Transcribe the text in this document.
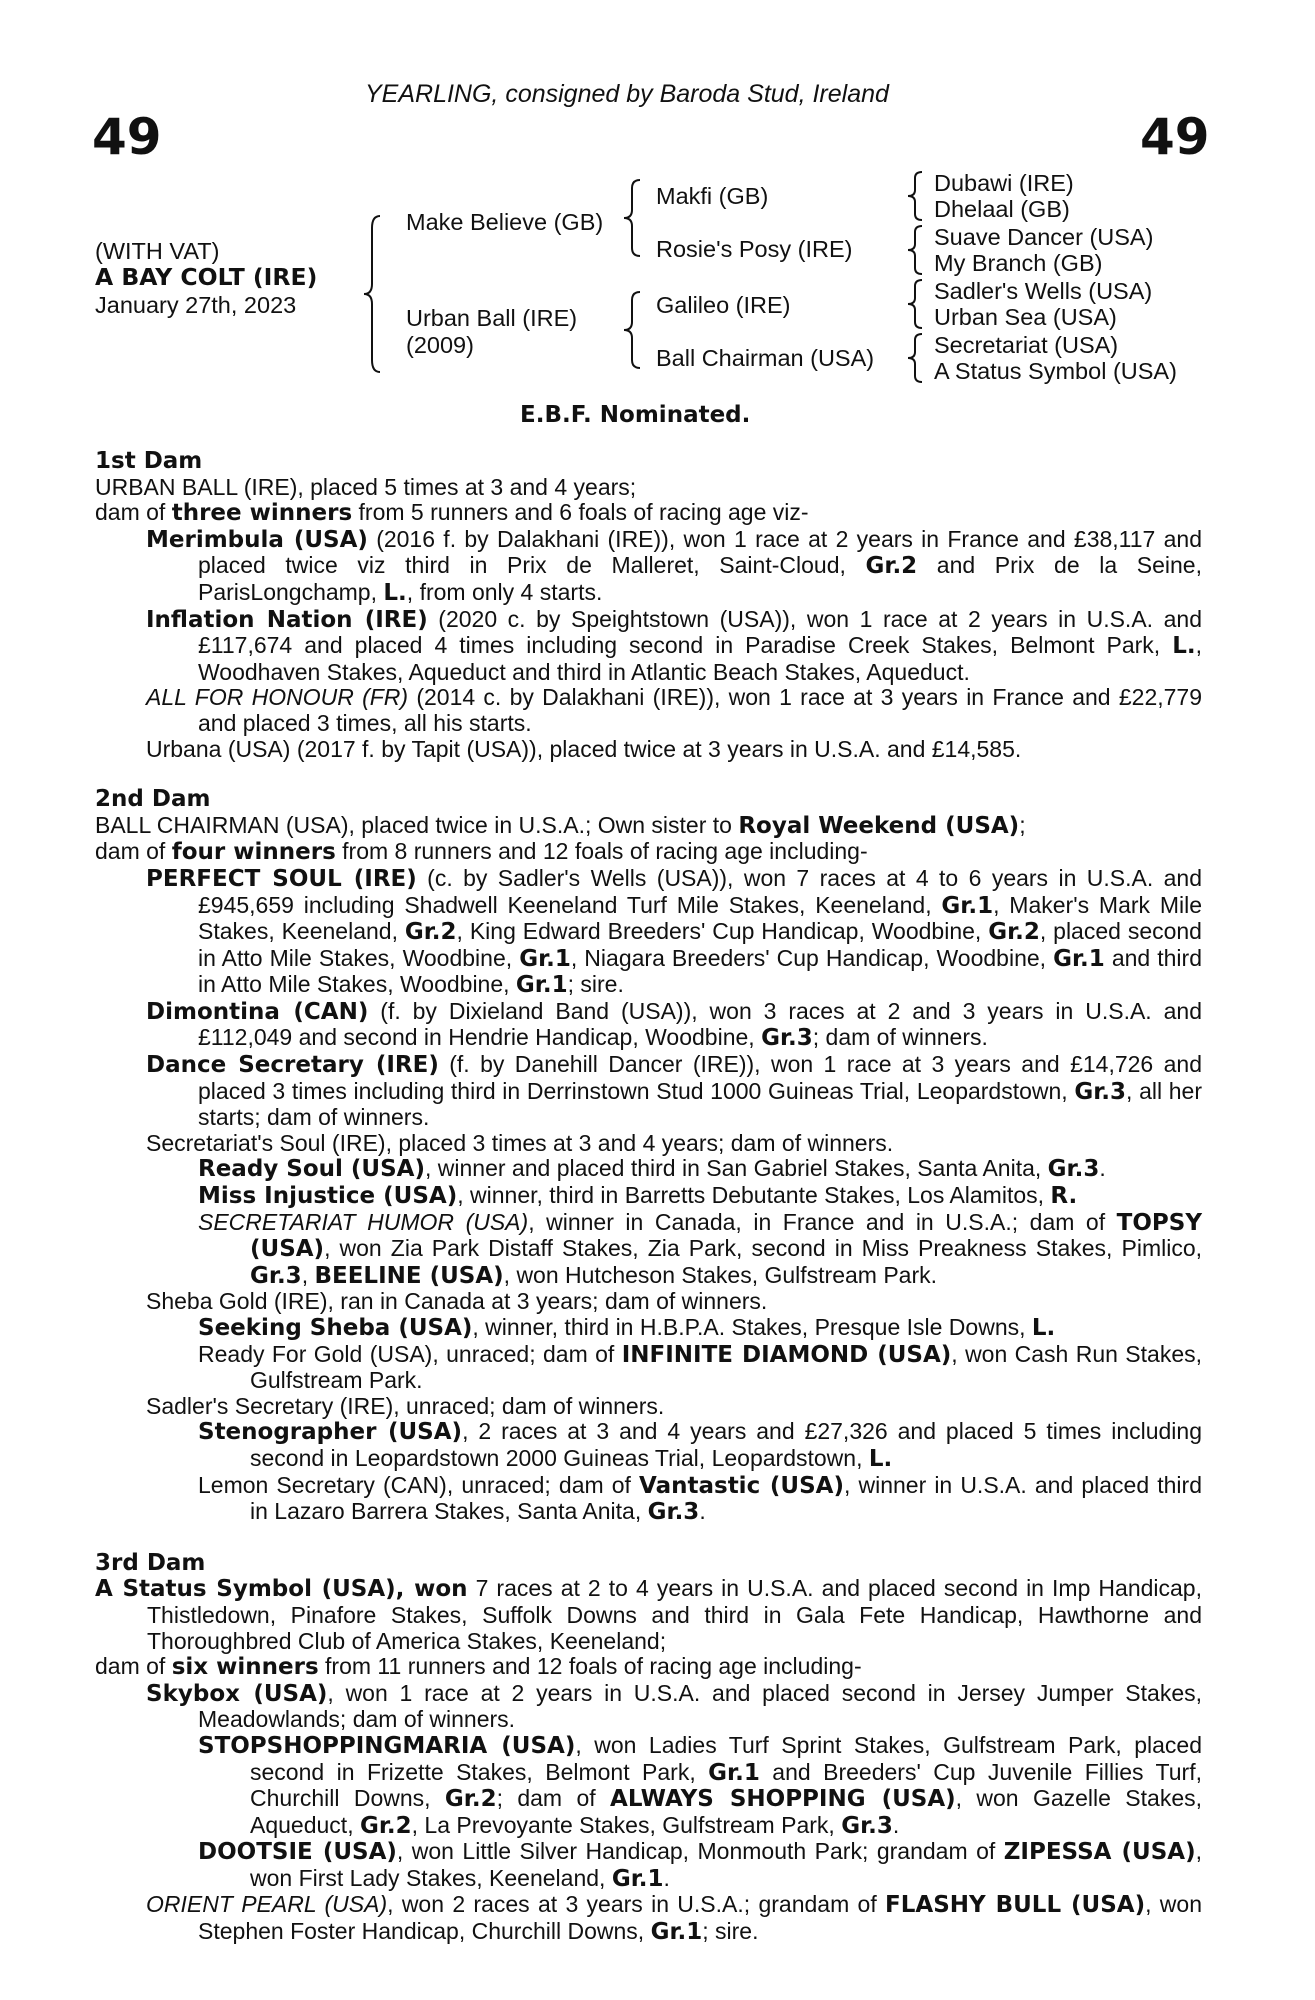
YEARLING, consigned by Baroda Stud, Ireland
49	49
(WITH VAT)
A BAY COLT (IRE)
January 27th, 2023
Make Believe (GB)
Urban Ball (IRE)
(2009)
Makfi (GB)
Rosie's Posy (IRE)
Galileo (IRE)
Ball Chairman (USA)
Dubawi (IRE)
Dhelaal (GB)
Suave Dancer (USA)
My Branch (GB)
Sadler's Wells (USA)
Urban Sea (USA)
Secretariat (USA)
A Status Symbol (USA)
E.B.F. Nominated.

1st Dam

URBAN BALL (IRE), placed 5 times at 3 and 4 years;

dam of three winners from 5 runners and 6 foals of racing age viz-

Merimbula (USA) (2016 f. by Dalakhani (IRE)), won 1 race at 2 years in France and £38,117 and placed twice viz third in Prix de Malleret, Saint-Cloud, Gr.2 and Prix de la Seine, ParisLongchamp, L., from only 4 starts.

Inflation Nation (IRE) (2020 c. by Speightstown (USA)), won 1 race at 2 years in U.S.A. and £117,674 and placed 4 times including second in Paradise Creek Stakes, Belmont Park, L., Woodhaven Stakes, Aqueduct and third in Atlantic Beach Stakes, Aqueduct.

ALL FOR HONOUR (FR) (2014 c. by Dalakhani (IRE)), won 1 race at 3 years in France and £22,779 and placed 3 times, all his starts.

Urbana (USA) (2017 f. by Tapit (USA)), placed twice at 3 years in U.S.A. and £14,585.

2nd Dam

BALL CHAIRMAN (USA), placed twice in U.S.A.; Own sister to Royal Weekend (USA);

dam of four winners from 8 runners and 12 foals of racing age including-

PERFECT SOUL (IRE) (c. by Sadler's Wells (USA)), won 7 races at 4 to 6 years in U.S.A. and £945,659 including Shadwell Keeneland Turf Mile Stakes, Keeneland, Gr.1, Maker's Mark Mile Stakes, Keeneland, Gr.2, King Edward Breeders' Cup Handicap, Woodbine, Gr.2, placed second in Atto Mile Stakes, Woodbine, Gr.1, Niagara Breeders' Cup Handicap, Woodbine, Gr.1 and third in Atto Mile Stakes, Woodbine, Gr.1; sire.

Dimontina (CAN) (f. by Dixieland Band (USA)), won 3 races at 2 and 3 years in U.S.A. and £112,049 and second in Hendrie Handicap, Woodbine, Gr.3; dam of winners.

Dance Secretary (IRE) (f. by Danehill Dancer (IRE)), won 1 race at 3 years and £14,726 and placed 3 times including third in Derrinstown Stud 1000 Guineas Trial, Leopardstown, Gr.3, all her starts; dam of winners.

Secretariat's Soul (IRE), placed 3 times at 3 and 4 years; dam of winners.

Ready Soul (USA), winner and placed third in San Gabriel Stakes, Santa Anita, Gr.3.

Miss Injustice (USA), winner, third in Barretts Debutante Stakes, Los Alamitos, R.

SECRETARIAT HUMOR (USA), winner in Canada, in France and in U.S.A.; dam of TOPSY (USA), won Zia Park Distaff Stakes, Zia Park, second in Miss Preakness Stakes, Pimlico, Gr.3, BEELINE (USA), won Hutcheson Stakes, Gulfstream Park.

Sheba Gold (IRE), ran in Canada at 3 years; dam of winners.

Seeking Sheba (USA), winner, third in H.B.P.A. Stakes, Presque Isle Downs, L.

Ready For Gold (USA), unraced; dam of INFINITE DIAMOND (USA), won Cash Run Stakes, Gulfstream Park.

Sadler's Secretary (IRE), unraced; dam of winners.

Stenographer (USA), 2 races at 3 and 4 years and £27,326 and placed 5 times including second in Leopardstown 2000 Guineas Trial, Leopardstown, L.

Lemon Secretary (CAN), unraced; dam of Vantastic (USA), winner in U.S.A. and placed third in Lazaro Barrera Stakes, Santa Anita, Gr.3.

3rd Dam

A Status Symbol (USA), won 7 races at 2 to 4 years in U.S.A. and placed second in Imp Handicap, Thistledown, Pinafore Stakes, Suffolk Downs and third in Gala Fete Handicap, Hawthorne and Thoroughbred Club of America Stakes, Keeneland;

dam of six winners from 11 runners and 12 foals of racing age including-

Skybox (USA), won 1 race at 2 years in U.S.A. and placed second in Jersey Jumper Stakes, Meadowlands; dam of winners.

STOPSHOPPINGMARIA (USA), won Ladies Turf Sprint Stakes, Gulfstream Park, placed second in Frizette Stakes, Belmont Park, Gr.1 and Breeders' Cup Juvenile Fillies Turf, Churchill Downs, Gr.2; dam of ALWAYS SHOPPING (USA), won Gazelle Stakes, Aqueduct, Gr.2, La Prevoyante Stakes, Gulfstream Park, Gr.3.

DOOTSIE (USA), won Little Silver Handicap, Monmouth Park; grandam of ZIPESSA (USA), won First Lady Stakes, Keeneland, Gr.1.

ORIENT PEARL (USA), won 2 races at 3 years in U.S.A.; grandam of FLASHY BULL (USA), won Stephen Foster Handicap, Churchill Downs, Gr.1; sire.
